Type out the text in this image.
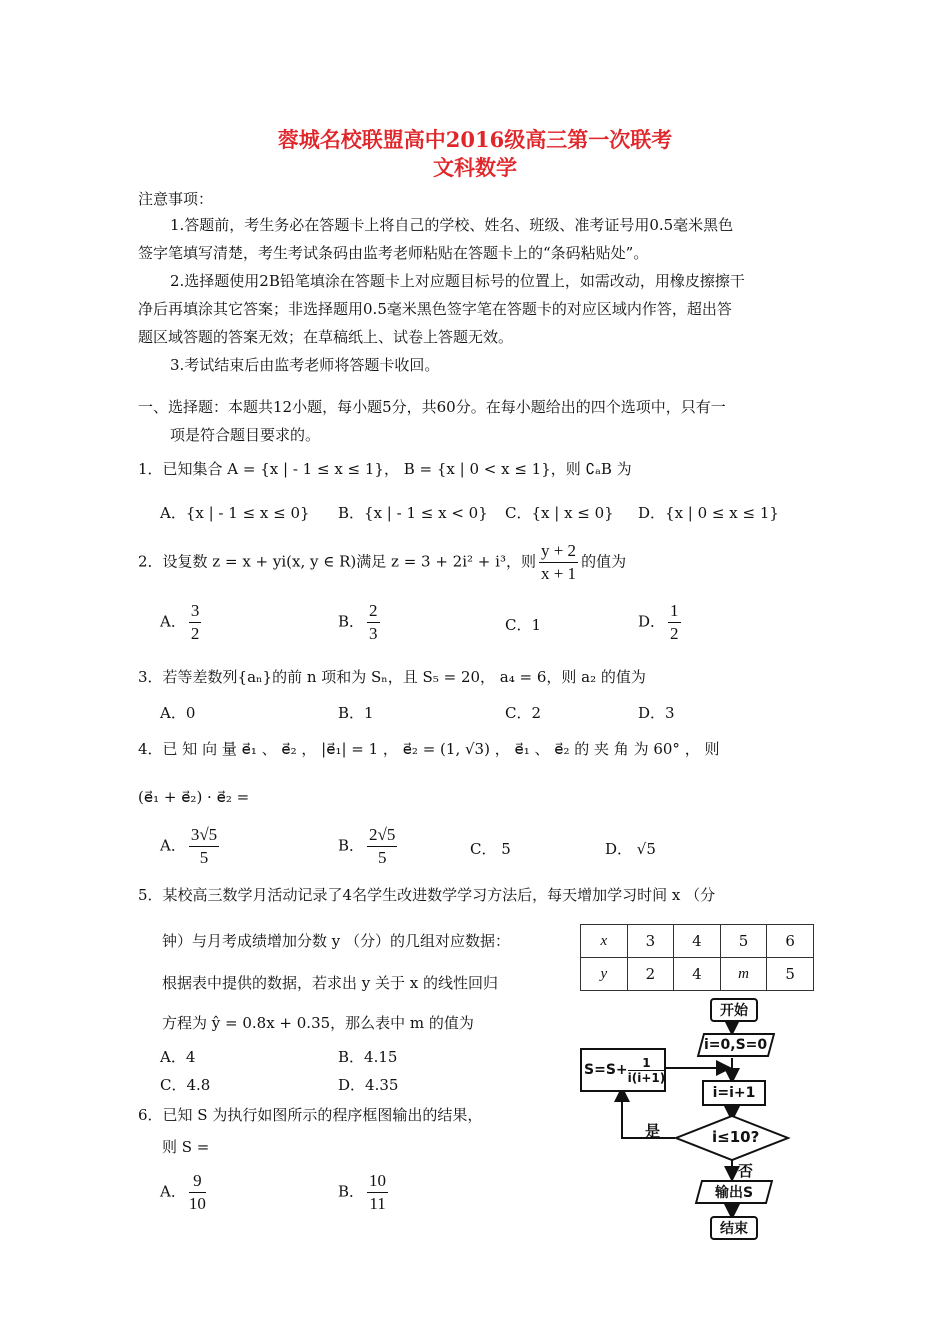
蓉城名校联盟高中2016级高三第一次联考
文科数学
注意事项：
1.答题前，考生务必在答题卡上将自己的学校、姓名、班级、准考证号用0.5毫米黑色
签字笔填写清楚，考生考试条码由监考老师粘贴在答题卡上的“条码粘贴处”。
2.选择题使用2B铅笔填涂在答题卡上对应题目标号的位置上，如需改动，用橡皮擦擦干
净后再填涂其它答案；非选择题用0.5毫米黑色签字笔在答题卡的对应区域内作答，超出答
题区域答题的答案无效；在草稿纸上、试卷上答题无效。
3.考试结束后由监考老师将答题卡收回。
一、选择题：本题共12小题，每小题5分，共60分。在每小题给出的四个选项中，只有一
项是符合题目要求的。
1．已知集合 A = {x | - 1 ≤ x ≤ 1}， B = {x | 0 < x ≤ 1}，则 ∁ₐB 为
A．{x | - 1 ≤ x ≤ 0} B．{x | - 1 ≤ x < 0} C．{x | x ≤ 0} D．{x | 0 ≤ x ≤ 1}
2．设复数 z = x + yi(x, y ∈ R)满足 z = 3 + 2i² + i³，则 $\frac{y + 2}{x + 1}$ 的值为
A． $\frac{3}{2}$	B． $\frac{2}{3}$	C．1	D． $\frac{1}{2}$
3．若等差数列{aₙ}的前 n 项和为 Sₙ，且 S₅ = 20， a₄ = 6，则 a₂ 的值为
A．0	B．1	C．2	D．3
4．已 知 向 量 e⃗₁ 、 e⃗₂ ， |e⃗₁| = 1 ， e⃗₂ = (1, √3) ， e⃗₁ 、 e⃗₂ 的 夹 角 为 60° ， 则
(e⃗₁ + e⃗₂) · e⃗₂ =
A． $\frac{3√5}{5}$	B． $\frac{2√5}{5}$	C． 5	D． √5
5．某校高三数学月活动记录了4名学生改进数学学习方法后，每天增加学习时间 x （分
钟）与月考成绩增加分数 y （分）的几组对应数据：
根据表中提供的数据，若求出 y 关于 x 的线性回归
方程为 ŷ = 0.8x + 0.35，那么表中 m 的值为
A．4	B．4.15
C．4.8	D．4.35
x	3	4	5	6
y	2	4	m	5
6．已知 S 为执行如图所示的程序框图输出的结果，
则 S =
A． $\frac{9}{10}$	B． $\frac{10}{11}$
开始
i=0,S=0
$S=S+ \frac{1}{i(i+1)}$
i=i+1
i≤10?
是
否
输出S
结束
